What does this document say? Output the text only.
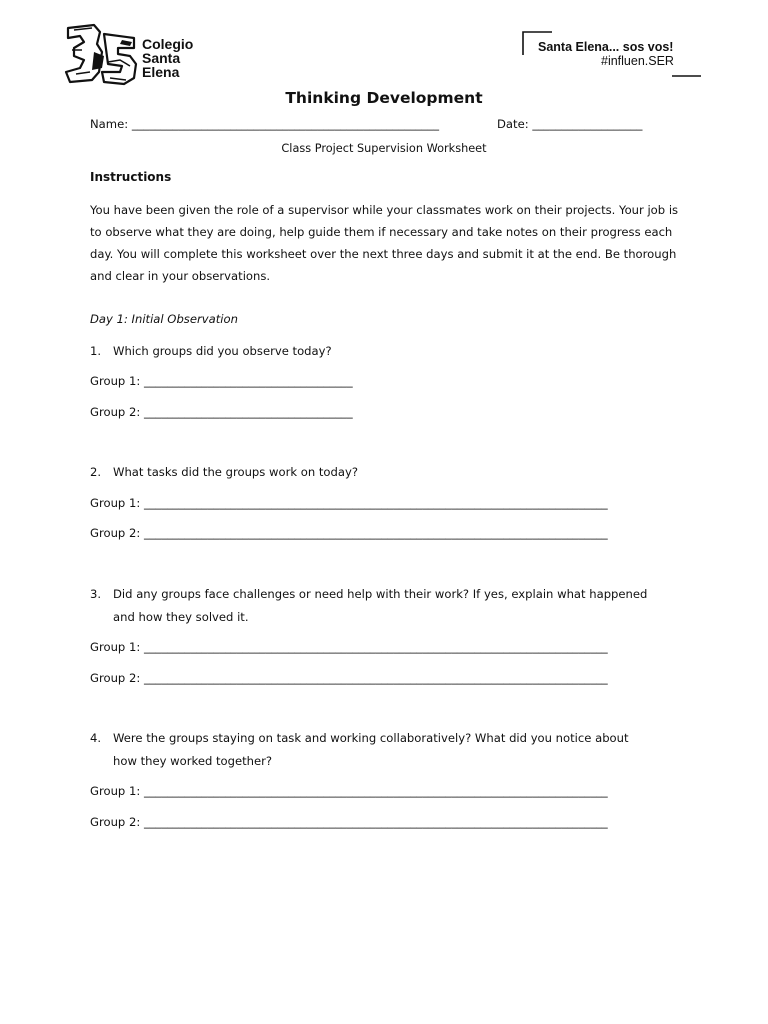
Colegio
Santa
Elena
Santa Elena... sos vos!
#influen.SER
Thinking Development
Name: _____________________________________________________	Date: ___________________
Class Project Supervision Worksheet
Instructions
You have been given the role of a supervisor while your classmates work on their projects. Your job is to observe what they are doing, help guide them if necessary and take notes on their progress each day. You will complete this worksheet over the next three days and submit it at the end. Be thorough and clear in your observations.
Day 1: Initial Observation
1. Which groups did you observe today?
Group 1: ____________________________________
Group 2: ____________________________________
2. What tasks did the groups work on today?
Group 1: ________________________________________________________________________________
Group 2: ________________________________________________________________________________
3. Did any groups face challenges or need help with their work? If yes, explain what happened
and how they solved it.
Group 1: ________________________________________________________________________________
Group 2: ________________________________________________________________________________
4. Were the groups staying on task and working collaboratively? What did you notice about
how they worked together?
Group 1: ________________________________________________________________________________
Group 2: ________________________________________________________________________________
